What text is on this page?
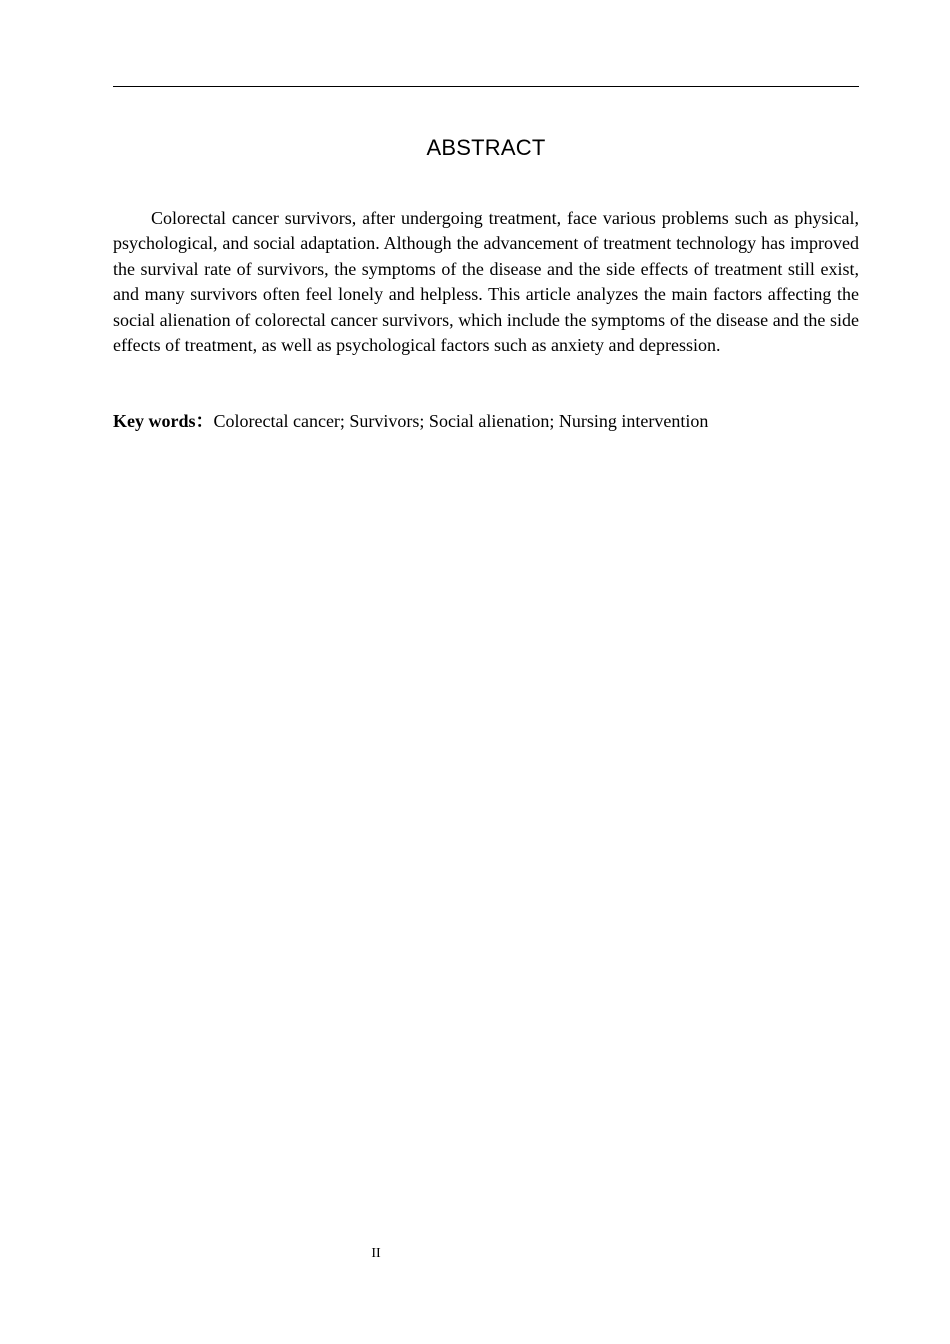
ABSTRACT

Colorectal cancer survivors, after undergoing treatment, face various problems such as physical, psychological, and social adaptation. Although the advancement of treatment technology has improved the survival rate of survivors, the symptoms of the disease and the side effects of treatment still exist, and many survivors often feel lonely and helpless. This article analyzes the main factors affecting the social alienation of colorectal cancer survivors, which include the symptoms of the disease and the side effects of treatment, as well as psychological factors such as anxiety and depression.

Key words：Colorectal cancer; Survivors; Social alienation; Nursing intervention

II
